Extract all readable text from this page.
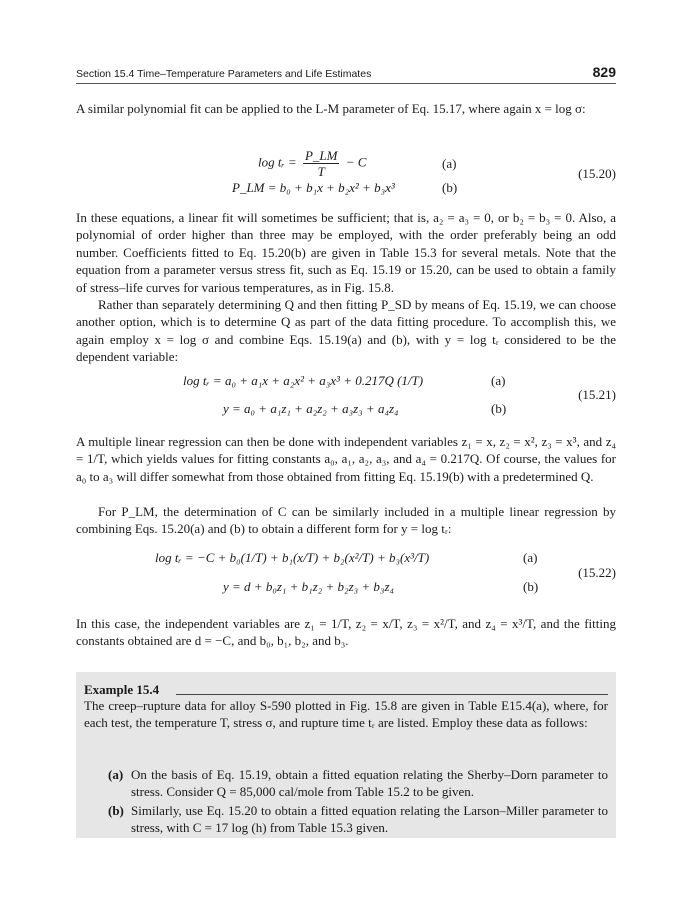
Section 15.4 Time–Temperature Parameters and Life Estimates	829

A similar polynomial fit can be applied to the L-M parameter of Eq. 15.17, where again x = log σ:

log tᵣ = $\frac{P\_LM}{T} - C$	(a)
P_LM = b₀ + b₁x + b₂x² + b₃x³	(b)
(15.20)

In these equations, a linear fit will sometimes be sufficient; that is, a₂ = a₃ = 0, or b₂ = b₃ = 0. Also, a polynomial of order higher than three may be employed, with the order preferably being an odd number. Coefficients fitted to Eq. 15.20(b) are given in Table 15.3 for several metals. Note that the equation from a parameter versus stress fit, such as Eq. 15.19 or 15.20, can be used to obtain a family of stress–life curves for various temperatures, as in Fig. 15.8.

Rather than separately determining Q and then fitting P_SD by means of Eq. 15.19, we can choose another option, which is to determine Q as part of the data fitting procedure. To accomplish this, we again employ x = log σ and combine Eqs. 15.19(a) and (b), with y = log tᵣ considered to be the dependent variable:

log tᵣ = a₀ + a₁x + a₂x² + a₃x³ + 0.217Q (1/T)	(a)
y = a₀ + a₁z₁ + a₂z₂ + a₃z₃ + a₄z₄	(b)
(15.21)

A multiple linear regression can then be done with independent variables z₁ = x, z₂ = x², z₃ = x³, and z₄ = 1/T, which yields values for fitting constants a₀, a₁, a₂, a₃, and a₄ = 0.217Q. Of course, the values for a₀ to a₃ will differ somewhat from those obtained from fitting Eq. 15.19(b) with a predetermined Q.

For P_LM, the determination of C can be similarly included in a multiple linear regression by combining Eqs. 15.20(a) and (b) to obtain a different form for y = log tᵣ:

log tᵣ = −C + b₀(1/T) + b₁(x/T) + b₂(x²/T) + b₃(x³/T)	(a)
y = d + b₀z₁ + b₁z₂ + b₂z₃ + b₃z₄	(b)
(15.22)

In this case, the independent variables are z₁ = 1/T, z₂ = x/T, z₃ = x²/T, and z₄ = x³/T, and the fitting constants obtained are d = −C, and b₀, b₁, b₂, and b₃.

Example 15.4

The creep–rupture data for alloy S-590 plotted in Fig. 15.8 are given in Table E15.4(a), where, for each test, the temperature T, stress σ, and rupture time tᵣ are listed. Employ these data as follows:

(a) On the basis of Eq. 15.19, obtain a fitted equation relating the Sherby–Dorn parameter to stress. Consider Q = 85,000 cal/mole from Table 15.2 to be given.
(b) Similarly, use Eq. 15.20 to obtain a fitted equation relating the Larson–Miller parameter to stress, with C = 17 log (h) from Table 15.3 given.
